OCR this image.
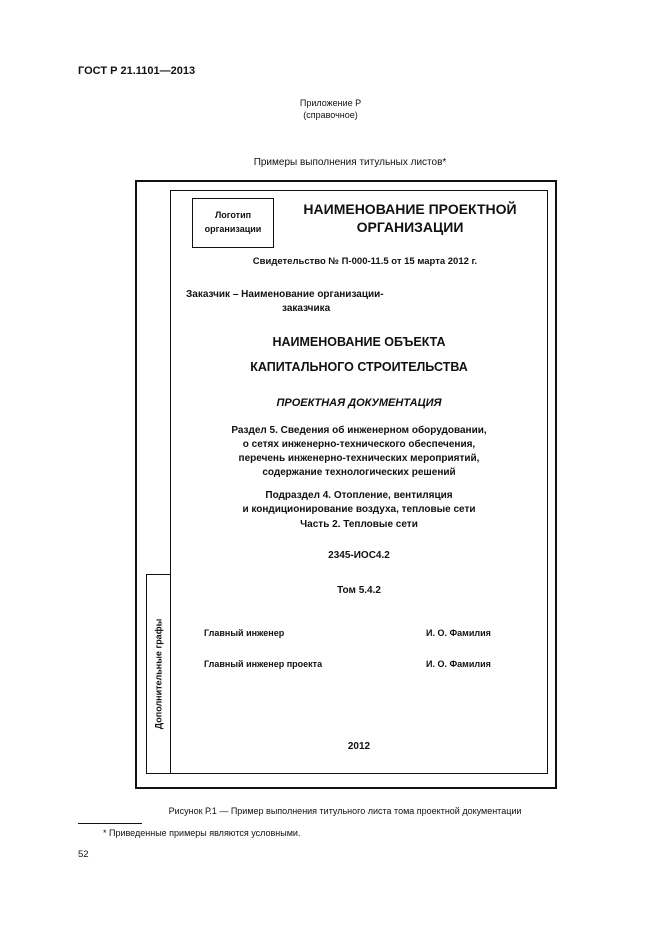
ГОСТ Р 21.1101—2013
Приложение Р
(справочное)
Примеры выполнения титульных листов*
Дополнительные графы
Логотип
организации
НАИМЕНОВАНИЕ ПРОЕКТНОЙ
ОРГАНИЗАЦИИ
Свидетельство № П-000-11.5 от 15 марта 2012 г.
Заказчик – Наименование организации-
заказчика
НАИМЕНОВАНИЕ ОБЪЕКТА
КАПИТАЛЬНОГО СТРОИТЕЛЬСТВА
ПРОЕКТНАЯ ДОКУМЕНТАЦИЯ
Раздел 5. Сведения об инженерном оборудовании,
о сетях инженерно-технического обеспечения,
перечень инженерно-технических мероприятий,
содержание технологических решений
Подраздел 4. Отопление, вентиляция
и кондиционирование воздуха, тепловые сети
Часть 2. Тепловые сети
2345-ИОС4.2
Том 5.4.2
Главный инженер	И. О. Фамилия
Главный инженер проекта	И. О. Фамилия
2012
Рисунок Р.1 — Пример выполнения титульного листа тома проектной документации
* Приведенные примеры являются условными.
52
